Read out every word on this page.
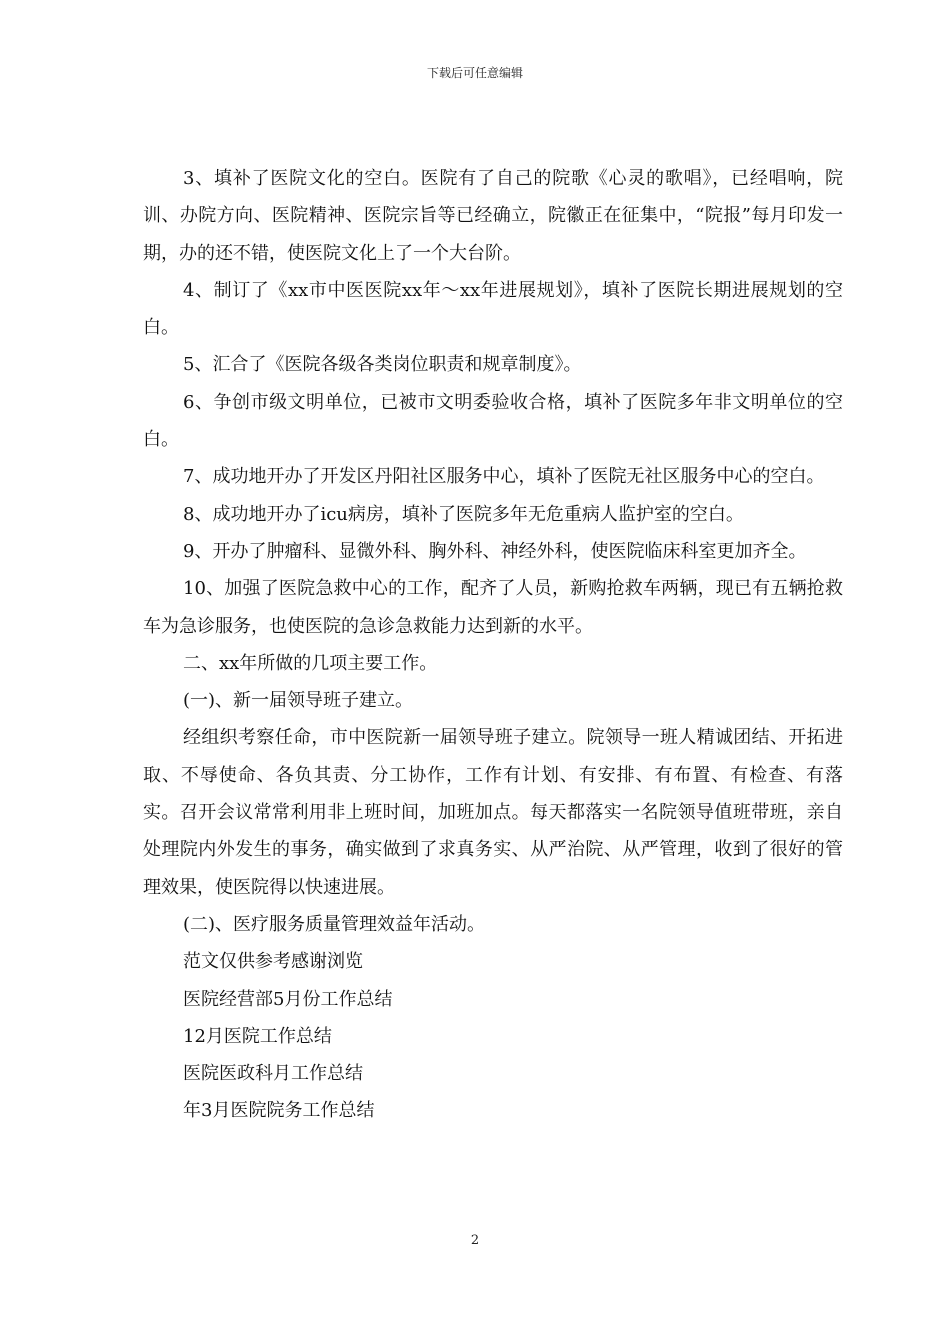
下载后可任意编辑

3、填补了医院文化的空白。医院有了自己的院歌《心灵的歌唱》，已经唱响，院训、办院方向、医院精神、医院宗旨等已经确立，院徽正在征集中，“院报”每月印发一期，办的还不错，使医院文化上了一个大台阶。

4、制订了《xx市中医医院xx年～xx年进展规划》，填补了医院长期进展规划的空白。

5、汇合了《医院各级各类岗位职责和规章制度》。

6、争创市级文明单位，已被市文明委验收合格，填补了医院多年非文明单位的空白。

7、成功地开办了开发区丹阳社区服务中心，填补了医院无社区服务中心的空白。

8、成功地开办了icu病房，填补了医院多年无危重病人监护室的空白。

9、开办了肿瘤科、显微外科、胸外科、神经外科，使医院临床科室更加齐全。

10、加强了医院急救中心的工作，配齐了人员，新购抢救车两辆，现已有五辆抢救车为急诊服务，也使医院的急诊急救能力达到新的水平。

二、xx年所做的几项主要工作。

(一)、新一届领导班子建立。

经组织考察任命，市中医院新一届领导班子建立。院领导一班人精诚团结、开拓进取、不辱使命、各负其责、分工协作，工作有计划、有安排、有布置、有检查、有落实。召开会议常常利用非上班时间，加班加点。每天都落实一名院领导值班带班，亲自处理院内外发生的事务，确实做到了求真务实、从严治院、从严管理，收到了很好的管理效果，使医院得以快速进展。

(二)、医疗服务质量管理效益年活动。

范文仅供参考感谢浏览

医院经营部5月份工作总结

12月医院工作总结

医院医政科月工作总结

年3月医院院务工作总结

2
